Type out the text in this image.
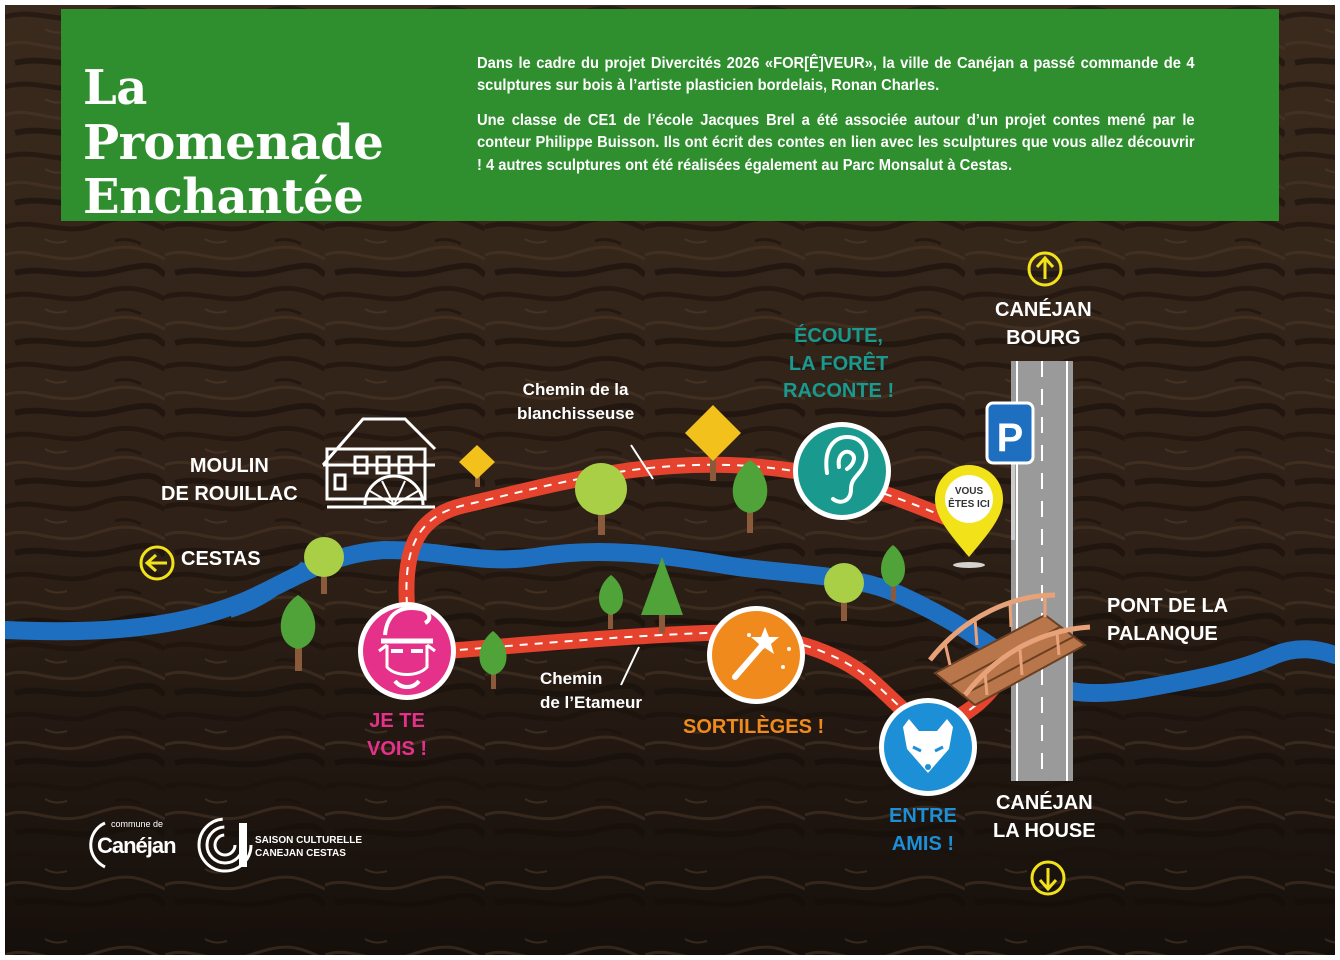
La Promenade
Enchantée

Dans le cadre du projet Divercités 2026 «FOR[Ê]VEUR», la ville de Canéjan a passé commande de 4 sculptures sur bois à l’artiste plasticien bordelais, Ronan Charles.

Une classe de CE1 de l’école Jacques Brel a été associée autour d’un projet contes mené par le conteur Philippe Buisson. Ils ont écrit des contes en lien avec les sculptures que vous allez découvrir ! 4 autres sculptures ont été réalisées également au Parc Monsalut à Cestas.

P
VOUS
ÊTES ICI
MOULIN
DE ROUILLAC
CESTAS
CANÉJAN
BOURG
PONT DE LA
PALANQUE
CANÉJAN
LA HOUSE
Chemin de la
blanchisseuse
Chemin
de l’Etameur
ÉCOUTE,
LA FORÊT
RACONTE !
JE TE
VOIS !
SORTILÈGES !
ENTRE
AMIS !
commune de
Canéjan	SAISON CULTURELLE
CANEJAN CESTAS
